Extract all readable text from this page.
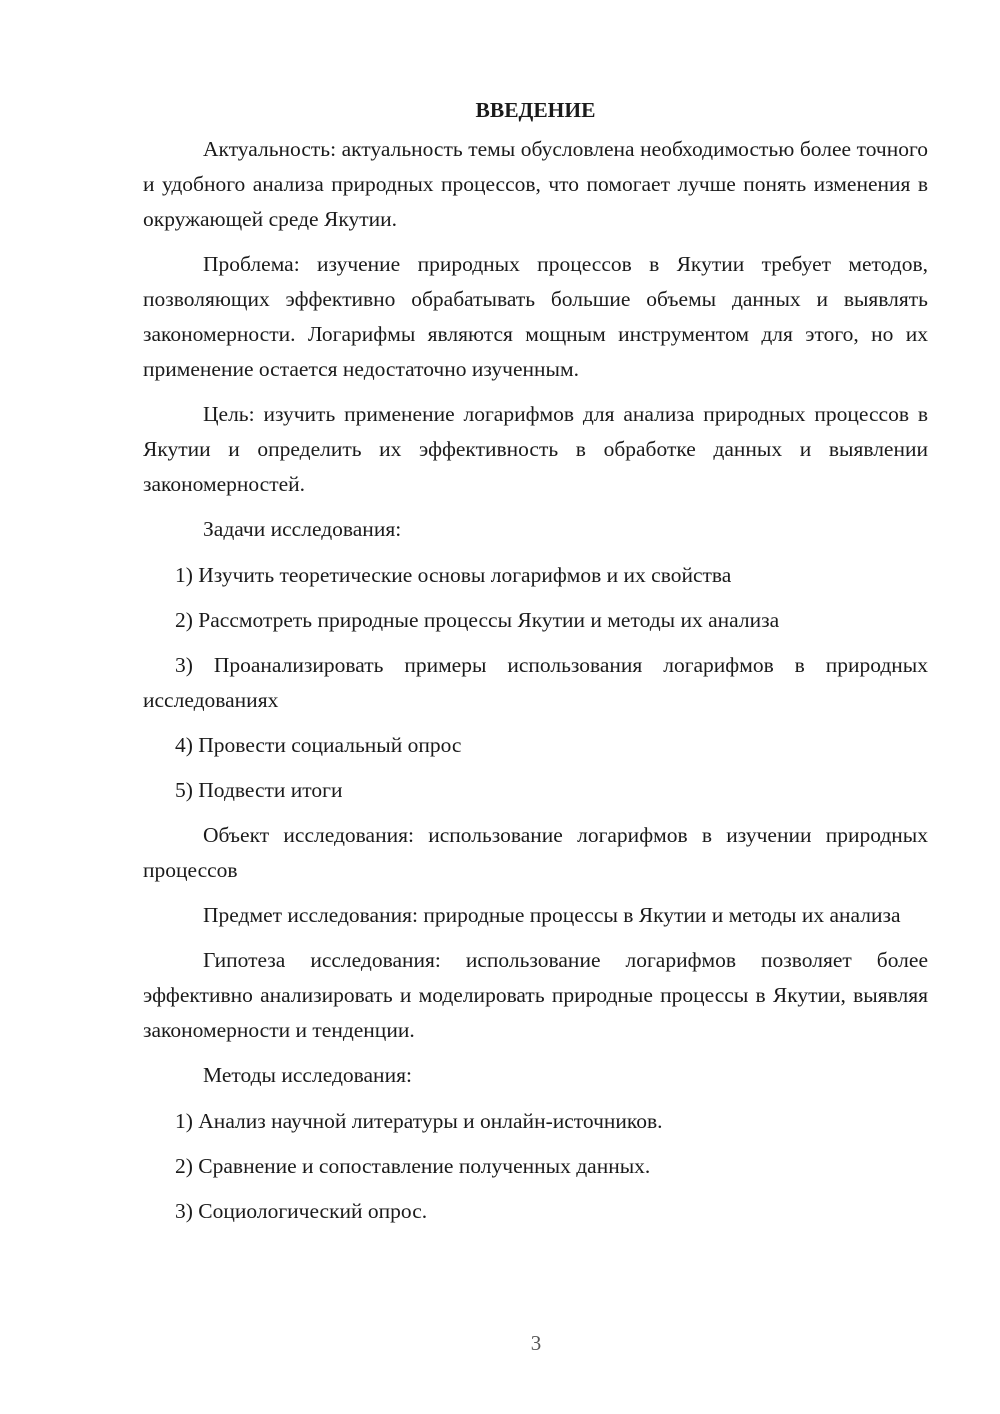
ВВЕДЕНИЕ

Актуальность: актуальность темы обусловлена необходимостью более точного и удобного анализа природных процессов, что помогает лучше понять изменения в окружающей среде Якутии.

Проблема: изучение природных процессов в Якутии требует методов, позволяющих эффективно обрабатывать большие объемы данных и выявлять закономерности. Логарифмы являются мощным инструментом для этого, но их применение остается недостаточно изученным.

Цель: изучить применение логарифмов для анализа природных процессов в Якутии и определить их эффективность в обработке данных и выявлении закономерностей.

Задачи исследования:

1) Изучить теоретические основы логарифмов и их свойства

2) Рассмотреть природные процессы Якутии и методы их анализа

3) Проанализировать примеры использования логарифмов в природных исследованиях

4) Провести социальный опрос

5) Подвести итоги

Объект исследования: использование логарифмов в изучении природных процессов

Предмет исследования: природные процессы в Якутии и методы их анализа

Гипотеза исследования: использование логарифмов позволяет более эффективно анализировать и моделировать природные процессы в Якутии, выявляя закономерности и тенденции.

Методы исследования:

1) Анализ научной литературы и онлайн-источников.

2) Сравнение и сопоставление полученных данных.

3) Социологический опрос.

3
